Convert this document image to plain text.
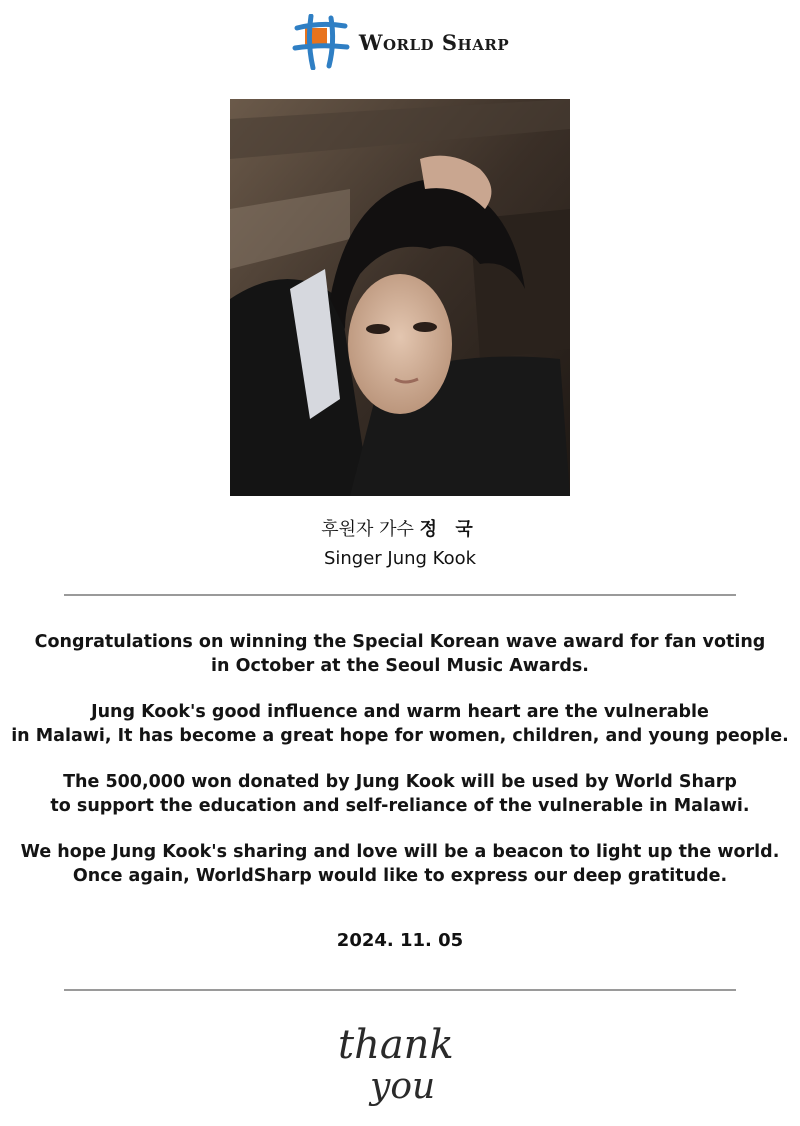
World Sharp
후원자 가수 정 국
Singer Jung Kook

Congratulations on winning the Special Korean wave award for fan voting
in October at the Seoul Music Awards.

Jung Kook's good influence and warm heart are the vulnerable
in Malawi, It has become a great hope for women, children, and young people.

The 500,000 won donated by Jung Kook will be used by World Sharp
to support the education and self-reliance of the vulnerable in Malawi.

We hope Jung Kook's sharing and love will be a beacon to light up the world.
Once again, WorldSharp would like to express our deep gratitude.

2024. 11. 05
thank
you
